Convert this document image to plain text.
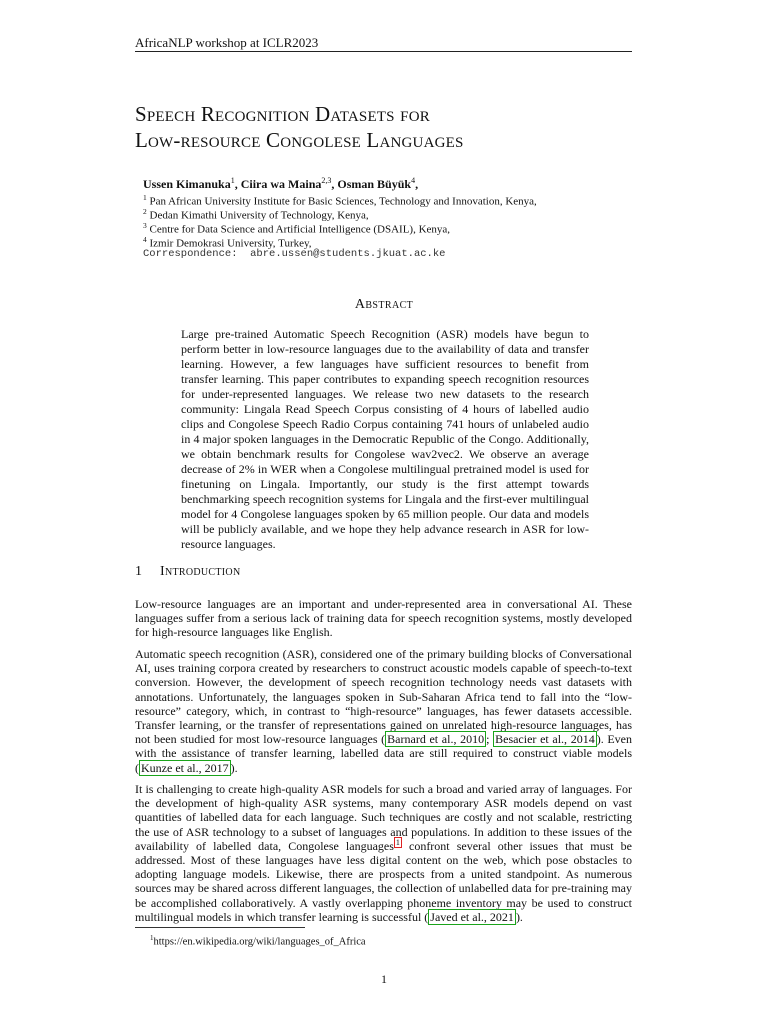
AfricaNLP workshop at ICLR2023
Speech Recognition Datasets for
Low-resource Congolese Languages
Ussen Kimanuka$^1$, Ciira wa Maina$^{2,3}$, Osman Büyük$^4$,
$^1$ Pan African University Institute for Basic Sciences, Technology and Innovation, Kenya,
$^2$ Dedan Kimathi University of Technology, Kenya,
$^3$ Centre for Data Science and Artificial Intelligence (DSAIL), Kenya,
$^4$ Izmir Demokrasi University, Turkey,
Correspondence:  abre.ussen@students.jkuat.ac.ke
Abstract

Large pre-trained Automatic Speech Recognition (ASR) models have begun to perform better in low-resource languages due to the availability of data and transfer learning. However, a few languages have sufficient resources to benefit from transfer learning. This paper contributes to expanding speech recognition resources for under-represented languages. We release two new datasets to the research community: Lingala Read Speech Corpus consisting of 4 hours of labelled audio clips and Congolese Speech Radio Corpus containing 741 hours of unlabeled audio in 4 major spoken languages in the Democratic Republic of the Congo. Additionally, we obtain benchmark results for Congolese wav2vec2. We observe an average decrease of 2% in WER when a Congolese multilingual pretrained model is used for finetuning on Lingala. Importantly, our study is the first attempt towards benchmarking speech recognition systems for Lingala and the first-ever multilingual model for 4 Congolese languages spoken by 65 million people. Our data and models will be publicly available, and we hope they help advance research in ASR for low-resource languages.

1 Introduction

Low-resource languages are an important and under-represented area in conversational AI. These languages suffer from a serious lack of training data for speech recognition systems, mostly developed for high-resource languages like English.

Automatic speech recognition (ASR), considered one of the primary building blocks of Conversational AI, uses training corpora created by researchers to construct acoustic models capable of speech-to-text conversion. However, the development of speech recognition technology needs vast datasets with annotations. Unfortunately, the languages spoken in Sub-Saharan Africa tend to fall into the “low-resource” category, which, in contrast to “high-resource” languages, has fewer datasets accessible. Transfer learning, or the transfer of representations gained on unrelated high-resource languages, has not been studied for most low-resource languages ( Barnard et al., 2010 ; Besacier et al., 2014 ). Even with the assistance of transfer learning, labelled data are still required to construct viable models ( Kunze et al., 2017 ).

It is challenging to create high-quality ASR models for such a broad and varied array of languages. For the development of high-quality ASR systems, many contemporary ASR models depend on vast quantities of labelled data for each language. Such techniques are costly and not scalable, restricting the use of ASR technology to a subset of languages and populations. In addition to these issues of the availability of labelled data, Congolese languages $^1$ confront several other issues that must be addressed. Most of these languages have less digital content on the web, which pose obstacles to adopting language models. Likewise, there are prospects from a united standpoint. As numerous sources may be shared across different languages, the collection of unlabelled data for pre-training may be accomplished collaboratively. A vastly overlapping phoneme inventory may be used to construct multilingual models in which transfer learning is successful ( Javed et al., 2021 ).

$^1$https://en.wikipedia.org/wiki/languages_of_Africa
1
